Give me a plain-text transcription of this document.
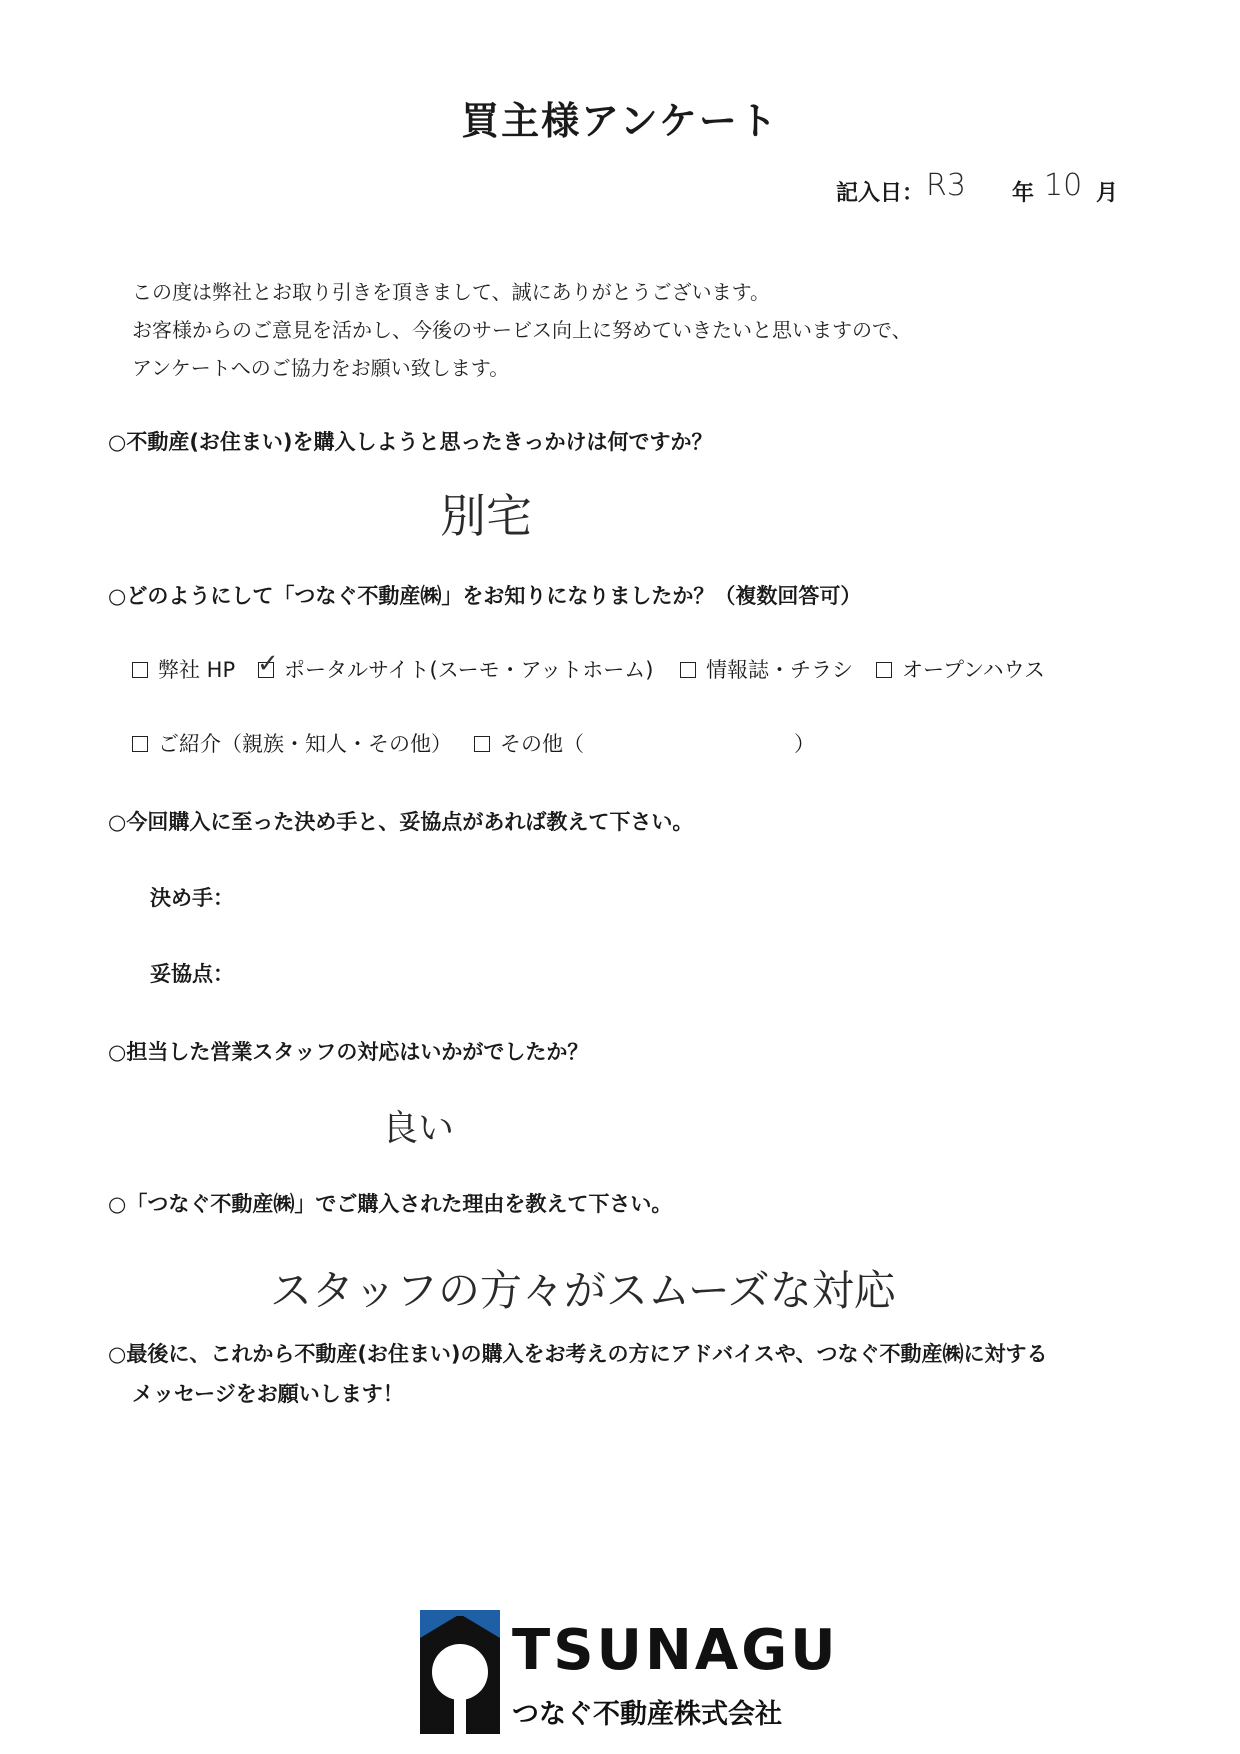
買主様アンケート
記入日： R3 年 10 月
この度は弊社とお取り引きを頂きまして、誠にありがとうございます。
お客様からのご意見を活かし、今後のサービス向上に努めていきたいと思いますので、
アンケートへのご協力をお願い致します。
○不動産(お住まい)を購入しようと思ったきっかけは何ですか？
別宅
○どのようにして「つなぐ不動産㈱」をお知りになりましたか？（複数回答可）
弊社 HP ✓ ポータルサイト(スーモ・アットホーム)	情報誌・チラシ	オープンハウス
ご紹介（親族・知人・その他）	その他（	）
○今回購入に至った決め手と、妥協点があれば教えて下さい。
決め手：
妥協点：
○担当した営業スタッフの対応はいかがでしたか？
良い
○「つなぐ不動産㈱」でご購入された理由を教えて下さい。
スタッフの方々がスムーズな対応
○最後に、これから不動産(お住まい)の購入をお考えの方にアドバイスや、つなぐ不動産㈱に対する
メッセージをお願いします！
TSUNAGU
つなぐ不動産株式会社
